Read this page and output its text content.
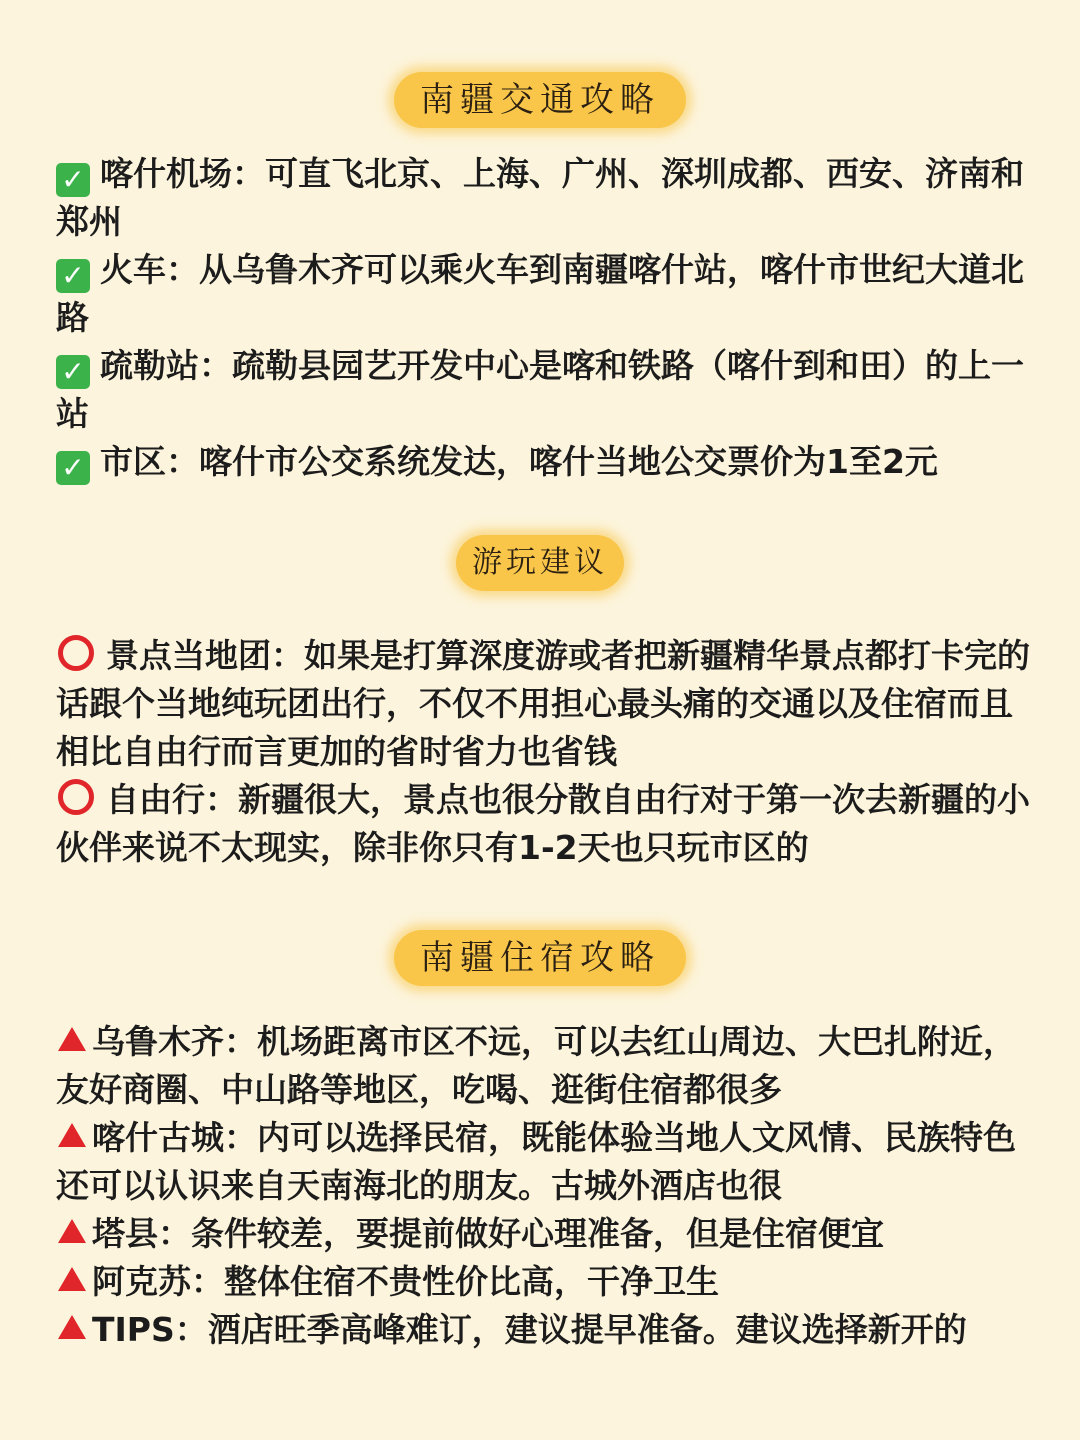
南疆交通攻略

✓ 喀什机场：可直飞北京、上海、广州、深圳成都、西安、济南和郑州

✓ 火车：从乌鲁木齐可以乘火车到南疆喀什站，喀什市世纪大道北路

✓ 疏勒站：疏勒县园艺开发中心是喀和铁路（喀什到和田）的上一站

✓ 市区：喀什市公交系统发达，喀什当地公交票价为1至2元

游玩建议

景点当地团：如果是打算深度游或者把新疆精华景点都打卡完的话跟个当地纯玩团出行，不仅不用担心最头痛的交通以及住宿而且相比自由行而言更加的省时省力也省钱

自由行：新疆很大，景点也很分散自由行对于第一次去新疆的小伙伴来说不太现实，除非你只有1-2天也只玩市区的

南疆住宿攻略

乌鲁木齐：机场距离市区不远，可以去红山周边、大巴扎附近，友好商圈、中山路等地区，吃喝、逛街住宿都很多

喀什古城：内可以选择民宿，既能体验当地人文风情、民族特色还可以认识来自天南海北的朋友。古城外酒店也很

塔县：条件较差，要提前做好心理准备，但是住宿便宜

阿克苏：整体住宿不贵性价比高，干净卫生

TIPS：酒店旺季高峰难订，建议提早准备。建议选择新开的
